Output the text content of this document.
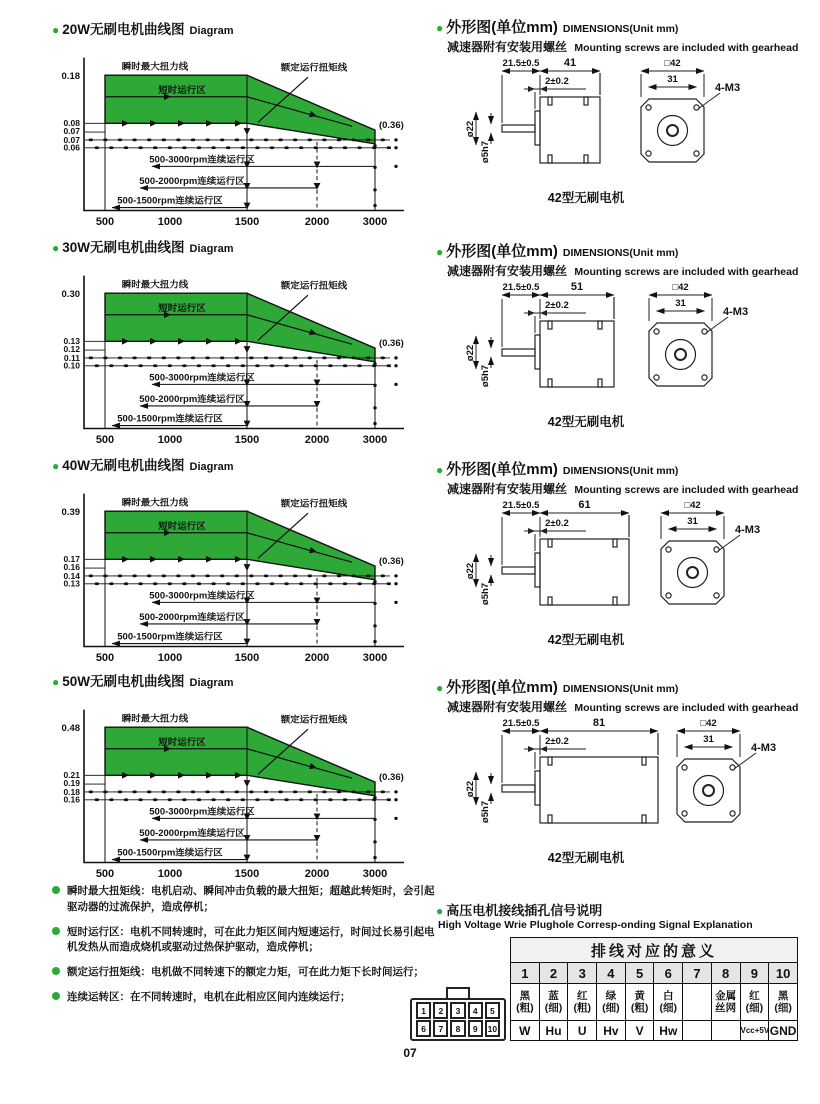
● 20W无刷电机曲线图 Diagram
0.18
0.08
0.07
0.07
0.06
瞬时最大扭力线
短时运行区
额定运行扭矩线
(0.36)
500-3000rpm连续运行区
500-2000rpm连续运行区
500-1500rpm连续运行区
500	1000	1500	2000	3000
● 30W无刷电机曲线图 Diagram
0.30
0.13
0.12
0.11
0.10
瞬时最大扭力线
短时运行区
额定运行扭矩线
(0.36)
500-3000rpm连续运行区
500-2000rpm连续运行区
500-1500rpm连续运行区
500	1000	1500	2000	3000
● 40W无刷电机曲线图 Diagram
0.39
0.17
0.16
0.14
0.13
瞬时最大扭力线
短时运行区
额定运行扭矩线
(0.36)
500-3000rpm连续运行区
500-2000rpm连续运行区
500-1500rpm连续运行区
500	1000	1500	2000	3000
● 50W无刷电机曲线图 Diagram
0.48
0.21
0.19
0.18
0.16
瞬时最大扭力线
短时运行区
额定运行扭矩线
(0.36)
500-3000rpm连续运行区
500-2000rpm连续运行区
500-1500rpm连续运行区
500	1000	1500	2000	3000
● 外形图(单位mm) DIMENSIONS(Unit mm)
减速器附有安装用螺丝 Mounting screws are included with gearhead
21.5±0.5 41
2±0.2
ø22
ø5h7
□42
31
4-M3
42型无刷电机
● 外形图(单位mm) DIMENSIONS(Unit mm)
减速器附有安装用螺丝 Mounting screws are included with gearhead
21.5±0.5	51
2±0.2
ø22
ø5h7
□42
31
4-M3
42型无刷电机
● 外形图(单位mm) DIMENSIONS(Unit mm)
减速器附有安装用螺丝 Mounting screws are included with gearhead
21.5±0.5	61
2±0.2
ø22
ø5h7
□42
31
4-M3
42型无刷电机
● 外形图(单位mm) DIMENSIONS(Unit mm)
减速器附有安装用螺丝 Mounting screws are included with gearhead
21.5±0.5	81
2±0.2
ø22
ø5h7
□42
31
4-M3
42型无刷电机

瞬时最大扭矩线：电机启动、瞬间冲击负载的最大扭矩；超越此转矩时，会引起驱动器的过流保护，造成停机；

短时运行区：电机不同转速时，可在此力矩区间内短速运行，时间过长易引起电机发热从而造成烧机或驱动过热保护驱动，造成停机；

额定运行扭矩线：电机做不同转速下的额定力矩，可在此力矩下长时间运行；

连续运转区：在不同转速时，电机在此相应区间内连续运行；

● 高压电机接线插孔信号说明
High Voltage Wrie Plughole Corresp-onding Signal Explanation
1	2	3	4	5
6	7	8	9	10
排线对应的意义									
1	2	3	4	5	6	7	8	9	10
黑(粗)	蓝(细)	红(粗)	绿(细)	黄(粗)	白(细)		金属丝网	红(细)	黑(细)
W	Hu	U	Hv	V	Hw			Vcc+5V	GND
07
